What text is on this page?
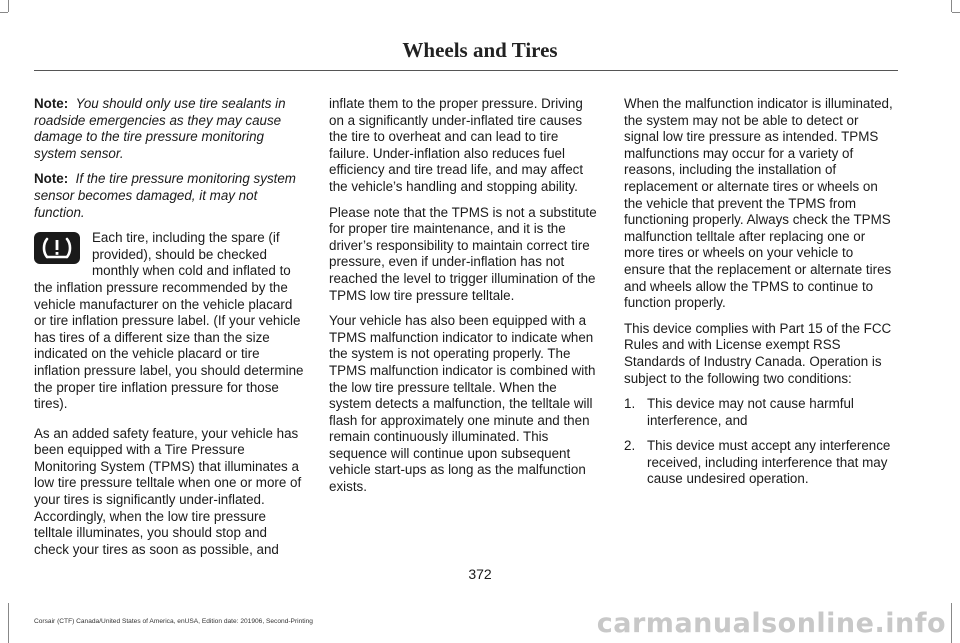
Wheels and Tires

Note: You should only use tire sealants in roadside emergencies as they may cause damage to the tire pressure monitoring system sensor.

Note: If the tire pressure monitoring system sensor becomes damaged, it may not function.

Each tire, including the spare (if provided), should be checked monthly when cold and inflated to the inflation pressure recommended by the vehicle manufacturer on the vehicle placard or tire inflation pressure label. (If your vehicle has tires of a different size than the size indicated on the vehicle placard or tire inflation pressure label, you should determine the proper tire inflation pressure for those tires).

As an added safety feature, your vehicle has been equipped with a Tire Pressure Monitoring System (TPMS) that illuminates a low tire pressure telltale when one or more of your tires is significantly under-inflated. Accordingly, when the low tire pressure telltale illuminates, you should stop and check your tires as soon as possible, and

inflate them to the proper pressure. Driving on a significantly under-inflated tire causes the tire to overheat and can lead to tire failure. Under-inflation also reduces fuel efficiency and tire tread life, and may affect the vehicle’s handling and stopping ability.

Please note that the TPMS is not a substitute for proper tire maintenance, and it is the driver’s responsibility to maintain correct tire pressure, even if under-inflation has not reached the level to trigger illumination of the TPMS low tire pressure telltale.

Your vehicle has also been equipped with a TPMS malfunction indicator to indicate when the system is not operating properly. The TPMS malfunction indicator is combined with the low tire pressure telltale. When the system detects a malfunction, the telltale will flash for approximately one minute and then remain continuously illuminated. This sequence will continue upon subsequent vehicle start-ups as long as the malfunction exists.

When the malfunction indicator is illuminated, the system may not be able to detect or signal low tire pressure as intended. TPMS malfunctions may occur for a variety of reasons, including the installation of replacement or alternate tires or wheels on the vehicle that prevent the TPMS from functioning properly. Always check the TPMS malfunction telltale after replacing one or more tires or wheels on your vehicle to ensure that the replacement or alternate tires and wheels allow the TPMS to continue to function properly.

This device complies with Part 15 of the FCC Rules and with License exempt RSS Standards of Industry Canada. Operation is subject to the following two conditions:

1. This device may not cause harmful interference, and
2. This device must accept any interference received, including interference that may cause undesired operation.
372
Corsair (CTF) Canada/United States of America, enUSA, Edition date: 201906, Second-Printing	carmanualsonline.info
